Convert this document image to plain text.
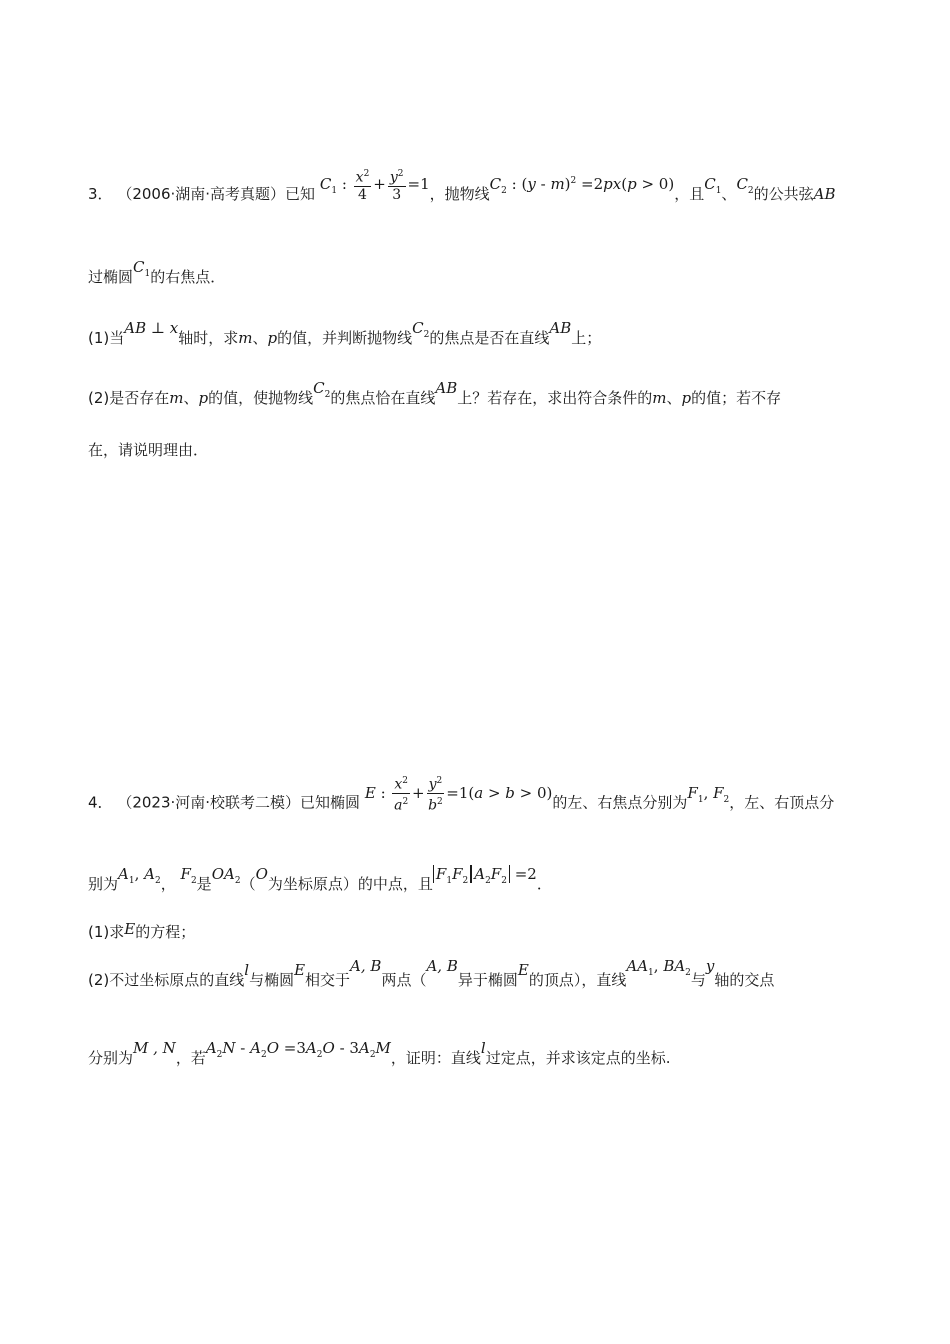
3． （2006·湖南·高考真题）已知 $C_1$ : $\frac{x^2}{4} + \frac{y^2}{3} =1$，抛物线$C_2$ : (y - m)$^2$ =2px(p > 0)，且$C_1$、$C_2$的公共弦AB
过椭圆$C_1$的右焦点．
(1)当AB ⊥ x轴时，求m、p的值，并判断抛物线$C_2$的焦点是否在直线AB上；
(2)是否存在m、p的值，使抛物线$C_2$的焦点恰在直线AB上？若存在，求出符合条件的m、p的值；若不存
在，请说明理由．
4． （2023·河南·校联考二模）已知椭圆 E : $\frac{x^2}{a^2} + \frac{y^2}{b^2} =1(a > b > 0)$的左、右焦点分别为$F_1$, $F_2$，左、右顶点分
别为$A_1$, $A_2$， $F_2$是$OA_2(O$为坐标原点）的中点，且$F_1F_2$ $A_2F_2 =2$．
(1)求E的方程；
(2)不过坐标原点的直线l与椭圆E相交于A, B两点（A, B异于椭圆E的顶点），直线$AA_1$, $BA_2$与y轴的交点
分别为M , N，若$A_2N - A_2O =3A_2O - 3A_2M$，证明：直线l过定点，并求该定点的坐标.
